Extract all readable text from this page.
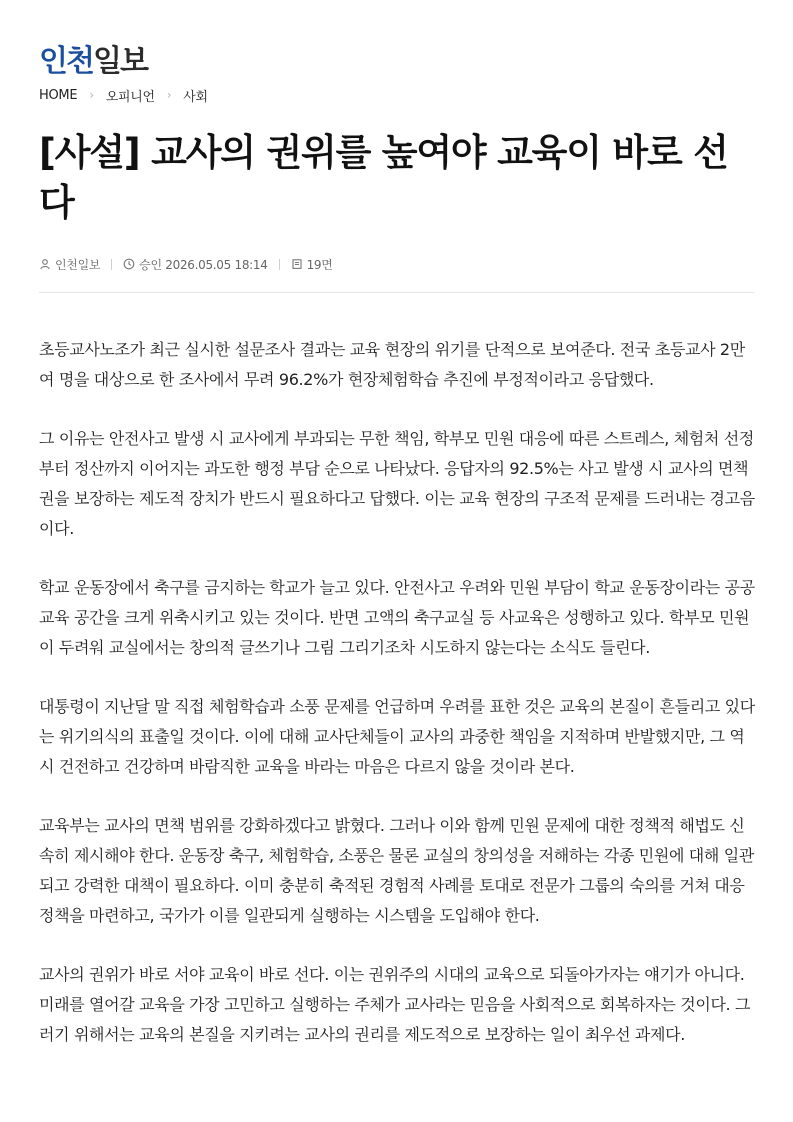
인천 일보
HOME › 오피니언 › 사회
[사설] 교사의 권위를 높여야 교육이 바로 선다
인천일보	승인 2026.05.05 18:14	19면

초등교사노조가 최근 실시한 설문조사 결과는 교육 현장의 위기를 단적으로 보여준다. 전국 초등교사 2만여 명을 대상으로 한 조사에서 무려 96.2%가 현장체험학습 추진에 부정적이라고 응답했다.

그 이유는 안전사고 발생 시 교사에게 부과되는 무한 책임, 학부모 민원 대응에 따른 스트레스, 체험처 선정부터 정산까지 이어지는 과도한 행정 부담 순으로 나타났다. 응답자의 92.5%는 사고 발생 시 교사의 면책권을 보장하는 제도적 장치가 반드시 필요하다고 답했다. 이는 교육 현장의 구조적 문제를 드러내는 경고음이다.

학교 운동장에서 축구를 금지하는 학교가 늘고 있다. 안전사고 우려와 민원 부담이 학교 운동장이라는 공공 교육 공간을 크게 위축시키고 있는 것이다. 반면 고액의 축구교실 등 사교육은 성행하고 있다. 학부모 민원이 두려워 교실에서는 창의적 글쓰기나 그림 그리기조차 시도하지 않는다는 소식도 들린다.

대통령이 지난달 말 직접 체험학습과 소풍 문제를 언급하며 우려를 표한 것은 교육의 본질이 흔들리고 있다는 위기의식의 표출일 것이다. 이에 대해 교사단체들이 교사의 과중한 책임을 지적하며 반발했지만, 그 역시 건전하고 건강하며 바람직한 교육을 바라는 마음은 다르지 않을 것이라 본다.

교육부는 교사의 면책 범위를 강화하겠다고 밝혔다. 그러나 이와 함께 민원 문제에 대한 정책적 해법도 신속히 제시해야 한다. 운동장 축구, 체험학습, 소풍은 물론 교실의 창의성을 저해하는 각종 민원에 대해 일관되고 강력한 대책이 필요하다. 이미 충분히 축적된 경험적 사례를 토대로 전문가 그룹의 숙의를 거쳐 대응 정책을 마련하고, 국가가 이를 일관되게 실행하는 시스템을 도입해야 한다.

교사의 권위가 바로 서야 교육이 바로 선다. 이는 권위주의 시대의 교육으로 되돌아가자는 얘기가 아니다. 미래를 열어갈 교육을 가장 고민하고 실행하는 주체가 교사라는 믿음을 사회적으로 회복하자는 것이다. 그러기 위해서는 교육의 본질을 지키려는 교사의 권리를 제도적으로 보장하는 일이 최우선 과제다.
